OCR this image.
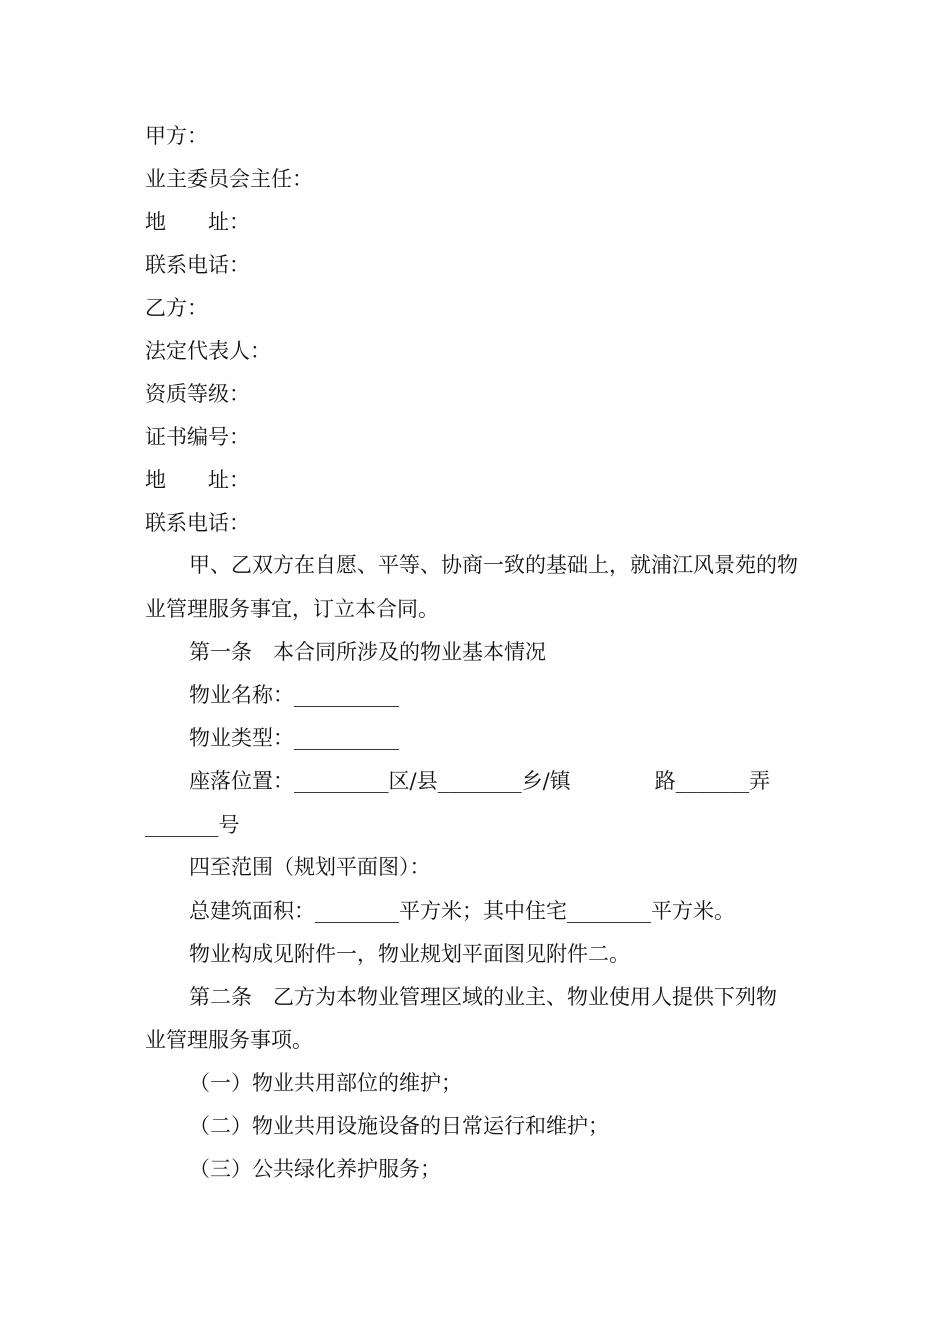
甲方：
业主委员会主任：
地　　址：
联系电话：
乙方：
法定代表人：
资质等级：
证书编号：
地　　址：
联系电话：
甲、乙双方在自愿、平等、协商一致的基础上，就浦江风景苑的物
业管理服务事宜，订立本合同。
第一条　本合同所涉及的物业基本情况
物业名称：__________
物业类型：__________
座落位置：_________区/县________乡/镇　　　　路_______弄
_______号
四至范围（规划平面图）：
总建筑面积：________平方米；其中住宅________平方米。
物业构成见附件一，物业规划平面图见附件二。
第二条　乙方为本物业管理区域的业主、物业使用人提供下列物
业管理服务事项。
（一）物业共用部位的维护；
（二）物业共用设施设备的日常运行和维护；
（三）公共绿化养护服务；
